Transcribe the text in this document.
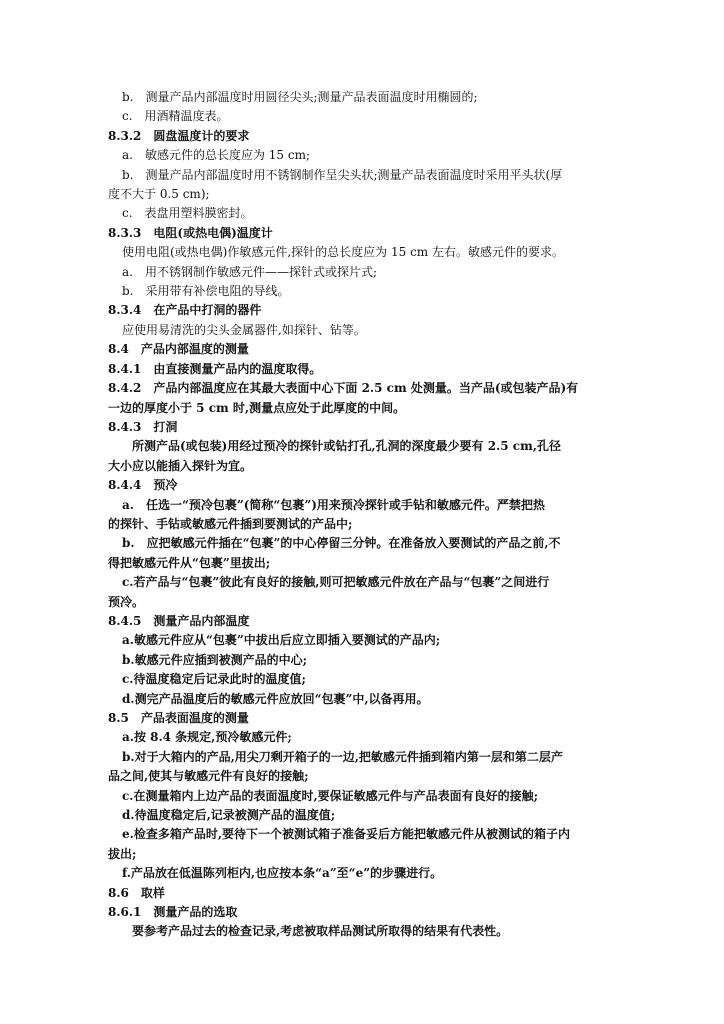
b.　测量产品内部温度时用圆径尖头;测量产品表面温度时用椭圆的;
c.　用酒精温度表。
8.3.2　圆盘温度计的要求
a.　敏感元件的总长度应为 15 cm;
b.　测量产品内部温度时用不锈钢制作呈尖头状;测量产品表面温度时采用平头状(厚
度不大于 0.5 cm);
c.　表盘用塑料膜密封。
8.3.3　电阻(或热电偶)温度计
使用电阻(或热电偶)作敏感元件,探针的总长度应为 15 cm 左右。敏感元件的要求。
a.　用不锈钢制作敏感元件——探针式或探片式;
b.　采用带有补偿电阻的导线。
8.3.4　在产品中打洞的器件
应使用易清洗的尖头金属器件,如探针、钻等。
8.4　产品内部温度的测量
8.4.1　由直接测量产品内的温度取得。
8.4.2　产品内部温度应在其最大表面中心下面 2.5 cm 处测量。当产品(或包装产品)有
一边的厚度小于 5 cm 时,测量点应处于此厚度的中间。
8.4.3　打洞
所测产品(或包装)用经过预冷的探针或钻打孔,孔洞的深度最少要有 2.5 cm,孔径
大小应以能插入探针为宜。
8.4.4　预冷
a.　任选一“预冷包裹”(简称“包裹”)用来预冷探针或手钻和敏感元件。严禁把热
的探针、手钻或敏感元件插到要测试的产品中;
b.　应把敏感元件插在“包裹”的中心停留三分钟。在准备放入要测试的产品之前,不
得把敏感元件从“包裹”里拔出;
c.若产品与“包裹”彼此有良好的接触,则可把敏感元件放在产品与“包裹”之间进行
预冷。
8.4.5　测量产品内部温度
a.敏感元件应从“包裹”中拔出后应立即插入要测试的产品内;
b.敏感元件应插到被测产品的中心;
c.待温度稳定后记录此时的温度值;
d.测完产品温度后的敏感元件应放回“包裹”中,以备再用。
8.5　产品表面温度的测量
a.按 8.4 条规定,预冷敏感元件;
b.对于大箱内的产品,用尖刀剩开箱子的一边,把敏感元件插到箱内第一层和第二层产
品之间,使其与敏感元件有良好的接触;
c.在测量箱内上边产品的表面温度时,要保证敏感元件与产品表面有良好的接触;
d.待温度稳定后,记录被测产品的温度值;
e.检查多箱产品时,要待下一个被测试箱子准备妥后方能把敏感元件从被测试的箱子内
拔出;
f.产品放在低温陈列柜内,也应按本条“a”至“e”的步骤进行。
8.6　取样
8.6.1　测量产品的选取
要参考产品过去的检查记录,考虑被取样品测试所取得的结果有代表性。
